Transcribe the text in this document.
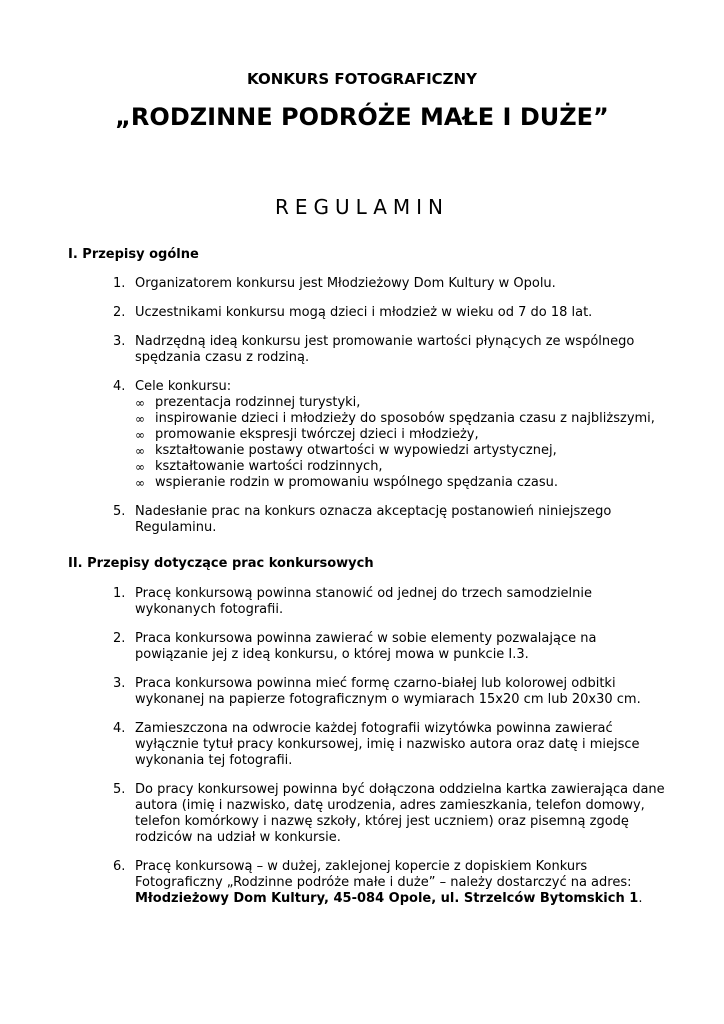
KONKURS FOTOGRAFICZNY
„RODZINNE PODRÓŻE MAŁE I DUŻE”
REGULAMIN
I. Przepisy ogólne
1. Organizatorem konkursu jest Młodzieżowy Dom Kultury w Opolu.
2. Uczestnikami konkursu mogą dzieci i młodzież w wieku od 7 do 18 lat.
3. Nadrzędną ideą konkursu jest promowanie wartości płynących ze wspólnego spędzania czasu z rodziną.
4. Cele konkursu:
∞ prezentacja rodzinnej turystyki,
∞ inspirowanie dzieci i młodzieży do sposobów spędzania czasu z najbliższymi,
∞ promowanie ekspresji twórczej dzieci i młodzieży,
∞ kształtowanie postawy otwartości w wypowiedzi artystycznej,
∞ kształtowanie wartości rodzinnych,
∞ wspieranie rodzin w promowaniu wspólnego spędzania czasu.
5. Nadesłanie prac na konkurs oznacza akceptację postanowień niniejszego Regulaminu.
II. Przepisy dotyczące prac konkursowych
1. Pracę konkursową powinna stanowić od jednej do trzech samodzielnie wykonanych fotografii.
2. Praca konkursowa powinna zawierać w sobie elementy pozwalające na powiązanie jej z ideą konkursu, o której mowa w punkcie I.3.
3. Praca konkursowa powinna mieć formę czarno-białej lub kolorowej odbitki wykonanej na papierze fotograficznym o wymiarach 15x20 cm lub 20x30 cm.
4. Zamieszczona na odwrocie każdej fotografii wizytówka powinna zawierać wyłącznie tytuł pracy konkursowej, imię i nazwisko autora oraz datę i miejsce wykonania tej fotografii.
5. Do pracy konkursowej powinna być dołączona oddzielna kartka zawierająca dane autora (imię i nazwisko, datę urodzenia, adres zamieszkania, telefon domowy, telefon komórkowy i nazwę szkoły, której jest uczniem) oraz pisemną zgodę rodziców na udział w konkursie.
6. Pracę konkursową – w dużej, zaklejonej kopercie z dopiskiem Konkurs Fotograficzny „Rodzinne podróże małe i duże” – należy dostarczyć na adres: Młodzieżowy Dom Kultury, 45-084 Opole, ul. Strzelców Bytomskich 1.
